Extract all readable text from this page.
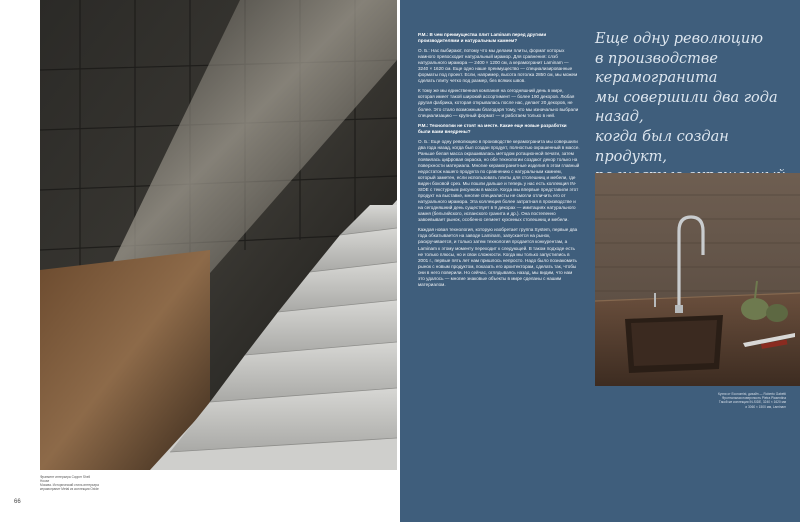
Фрагмент интерьера Copper Shell House
Москва. Исторический стиль интерьера
керамогранит Metal из коллекции Oxide
66

Р.М.: В чем преимущества плит Laminam перед другими производителями и натуральным камнем?

О. Б.: Нас выбирают, потому что мы делаем плиты, формат которых намного превосходит натуральный мрамор. Для сравнения: слэб натурального мрамора — 2400 × 1200 см, а керамогранит Laminam — 3240 × 1620 см. Еще одно наше преимущество — специализированные форматы под проект. Если, например, высота потолка 2850 см, мы можем сделать плиту четко под размер, без всяких швов.

К тому же мы единственная компания на сегодняшний день в мире, которая имеет такой широкий ассортимент — более 190 декоров. Любая другая фабрика, которая открывалась после нас, делает 20 декоров, не более. Это стало возможным благодаря тому, что мы изначально выбрали специализацию — крупный формат — и работаем только в ней.

Р.М.: Технологии не стоят на месте. Какие еще новые разработки были вами внедрены?

О. Б.: Еще одну революцию в производстве керамогранита мы совершили два года назад, когда был создан продукт, полностью окрашенный в массе. Раньше белая масса окрашивалась методом ротационной печати, затем появилась цифровая окраска, но обе технологии создают декор только на поверхности материала. Многие керамогранитные изделия в этом главный недостаток нашего продукта по сравнению с натуральным камнем, который заметен, если использовать плиты для столешниц и мебели, где виден боковой срез. Мы пошли дальше и теперь у нас есть коллекция IN-SIDE с текстурным рисунком в массе. Когда мы впервые представили этот продукт на выставке, многие специалисты не смогли отличить его от натурального мрамора. Эта коллекция более затратная в производстве и на сегодняшний день существует в 9 декорах — имитациях натурального камня (бельгийского, испанского гранита и др.). Она постепенно завоевывает рынок, особенно сегмент кухонных столешниц и мебели.

Каждая новая технология, которую изобретает группа System, первые два года обкатывается на заводе Laminam, запускается на рынок, раскручивается, и только затем технология продается конкурентам, а Laminam к этому моменту переходит к следующей. В таком подходе есть не только плюсы, но и свои сложности. Когда мы только запустились в 2001 г., первые пять лет нам пришлось непросто. Надо было познакомить рынок с новым продуктом, показать его архитекторам, сделать так, чтобы они в него поверили. Но сейчас, оглядываясь назад, мы видим, что нам это удалось — многие знаковые объекты в мире сделаны с нашим материалом.

Еще одну революцию
в производстве керамогранита
мы совершили два года назад,
когда был создан продукт,
Кухня от Economist, дизайн — Roberto Gabetti
Фронтальная поверхность Pietra Piasentina
Такой же коллекции IN-SIDE, 3240 × 1620 мм
и 3060 × 1500 мм, Laminam
